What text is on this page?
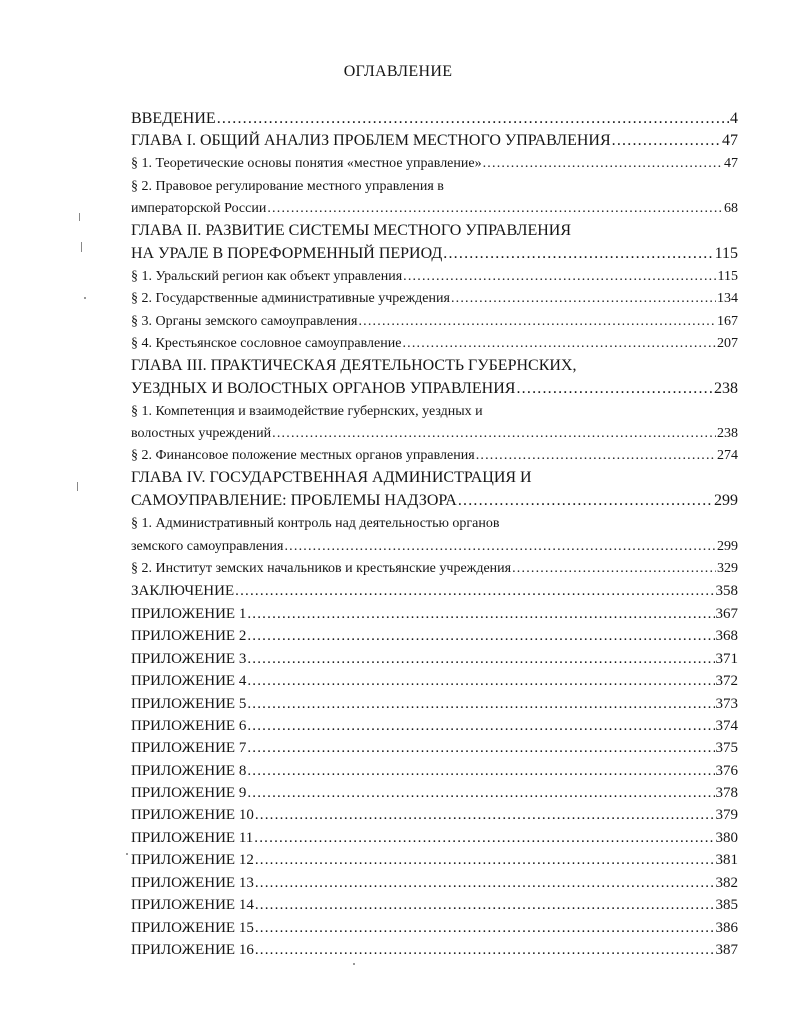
ОГЛАВЛЕНИЕ
ВВЕДЕНИЕ .....	4
ГЛАВА I. ОБЩИЙ АНАЛИЗ ПРОБЛЕМ МЕСТНОГО УПРАВЛЕНИЯ .....	47
§ 1. Теоретические основы понятия «местное управление» .....	47
§ 2. Правовое регулирование местного управления в
императорской России .....	68
ГЛАВА II. РАЗВИТИЕ СИСТЕМЫ МЕСТНОГО УПРАВЛЕНИЯ
НА УРАЛЕ В ПОРЕФОРМЕННЫЙ ПЕРИОД .....	115
§ 1. Уральский регион как объект управления .....	115
§ 2. Государственные административные учреждения .....	134
§ 3. Органы земского самоуправления .....	167
§ 4. Крестьянское сословное самоуправление .....	207
ГЛАВА III. ПРАКТИЧЕСКАЯ ДЕЯТЕЛЬНОСТЬ ГУБЕРНСКИХ,
УЕЗДНЫХ И ВОЛОСТНЫХ ОРГАНОВ УПРАВЛЕНИЯ .....	238
§ 1. Компетенция и взаимодействие губернских, уездных и
волостных учреждений .....	238
§ 2. Финансовое положение местных органов управления .....	274
ГЛАВА IV. ГОСУДАРСТВЕННАЯ АДМИНИСТРАЦИЯ И
САМОУПРАВЛЕНИЕ: ПРОБЛЕМЫ НАДЗОРА .....	299
§ 1. Административный контроль над деятельностью органов
земского самоуправления .....	299
§ 2. Институт земских начальников и крестьянские учреждения .....	329
ЗАКЛЮЧЕНИЕ .....	358
ПРИЛОЖЕНИЕ 1 .....	367
ПРИЛОЖЕНИЕ 2 .....	368
ПРИЛОЖЕНИЕ 3 .....	371
ПРИЛОЖЕНИЕ 4 .....	372
ПРИЛОЖЕНИЕ 5 .....	373
ПРИЛОЖЕНИЕ 6 .....	374
ПРИЛОЖЕНИЕ 7 .....	375
ПРИЛОЖЕНИЕ 8 .....	376
ПРИЛОЖЕНИЕ 9 .....	378
ПРИЛОЖЕНИЕ 10 .....	379
ПРИЛОЖЕНИЕ 11 .....	380
ПРИЛОЖЕНИЕ 12 .....	381
ПРИЛОЖЕНИЕ 13 .....	382
ПРИЛОЖЕНИЕ 14 .....	385
ПРИЛОЖЕНИЕ 15 .....	386
ПРИЛОЖЕНИЕ 16 .....	387
